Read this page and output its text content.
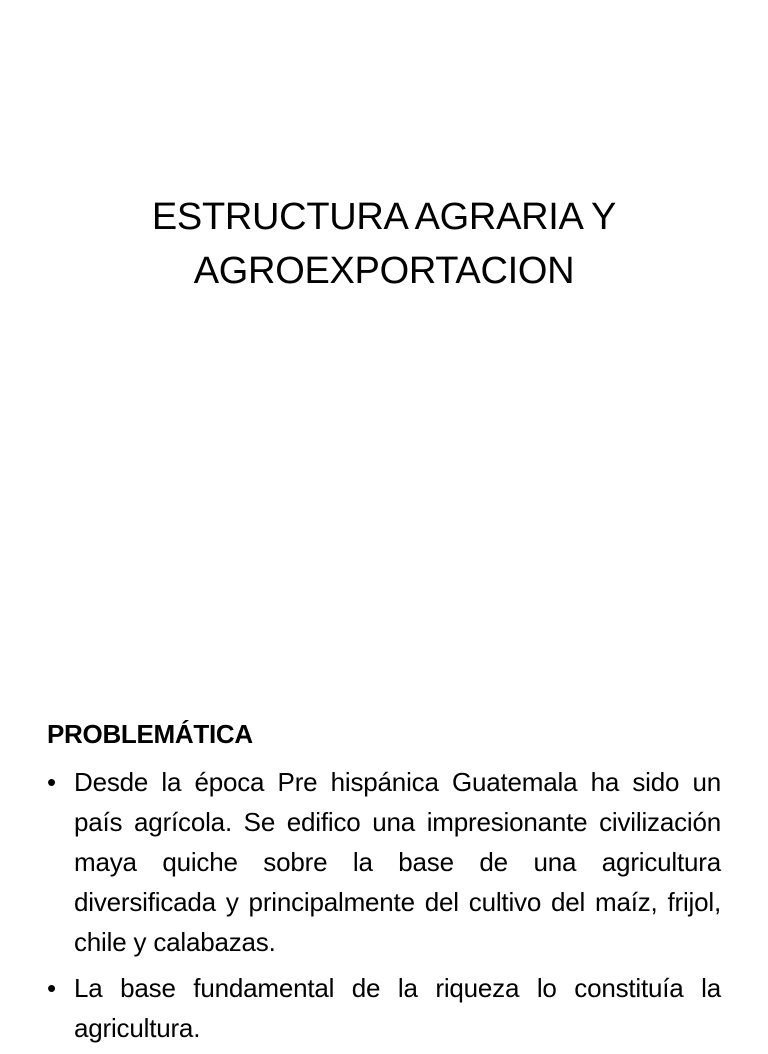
ESTRUCTURA AGRARIA Y
AGROEXPORTACION
PROBLEMÁTICA
• Desde la época Pre hispánica Guatemala ha sido un país agrícola. Se edifico una impresionante civilización maya quiche sobre la base de una agricultura diversificada y principalmente del cultivo del maíz, frijol, chile y calabazas.
• La base fundamental de la riqueza lo constituía la agricultura.
